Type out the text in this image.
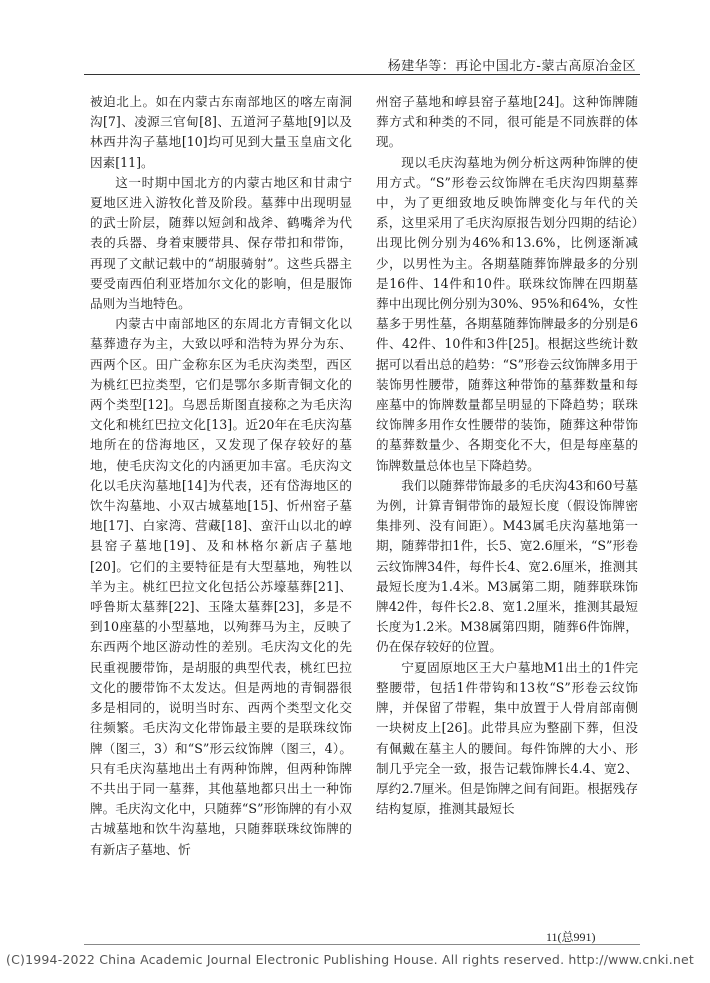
杨建华等：再论中国北方-蒙古高原冶金区

被迫北上。如在内蒙古东南部地区的喀左南洞沟[7]、凌源三官甸[8]、五道河子墓地[9]以及林西井沟子墓地[10]均可见到大量玉皇庙文化因素[11]。

这一时期中国北方的内蒙古地区和甘肃宁夏地区进入游牧化普及阶段。墓葬中出现明显的武士阶层，随葬以短剑和战斧、鹤嘴斧为代表的兵器、身着束腰带具、保存带扣和带饰，再现了文献记载中的“胡服骑射”。这些兵器主要受南西伯利亚塔加尔文化的影响，但是服饰品则为当地特色。

内蒙古中南部地区的东周北方青铜文化以墓葬遗存为主，大致以呼和浩特为界分为东、西两个区。田广金称东区为毛庆沟类型，西区为桃红巴拉类型，它们是鄂尔多斯青铜文化的两个类型[12]。乌恩岳斯图直接称之为毛庆沟文化和桃红巴拉文化[13]。近20年在毛庆沟墓地所在的岱海地区，又发现了保存较好的墓地，使毛庆沟文化的内涵更加丰富。毛庆沟文化以毛庆沟墓地[14]为代表，还有岱海地区的饮牛沟墓地、小双古城墓地[15]、忻州窑子墓地[17]、白家湾、营藏[18]、蛮汗山以北的崞县窑子墓地[19]、及和林格尔新店子墓地[20]。它们的主要特征是有大型墓地，殉牲以羊为主。桃红巴拉文化包括公苏壕墓葬[21]、呼鲁斯太墓葬[22]、玉隆太墓葬[23]，多是不到10座墓的小型墓地，以殉葬马为主，反映了东西两个地区游动性的差别。毛庆沟文化的先民重视腰带饰，是胡服的典型代表，桃红巴拉文化的腰带饰不太发达。但是两地的青铜器很多是相同的，说明当时东、西两个类型文化交往频繁。毛庆沟文化带饰最主要的是联珠纹饰牌（图三，3）和“S”形云纹饰牌（图三，4）。只有毛庆沟墓地出土有两种饰牌，但两种饰牌不共出于同一墓葬，其他墓地都只出土一种饰牌。毛庆沟文化中，只随葬“S”形饰牌的有小双古城墓地和饮牛沟墓地，只随葬联珠纹饰牌的有新店子墓地、忻

州窑子墓地和崞县窑子墓地[24]。这种饰牌随葬方式和种类的不同，很可能是不同族群的体现。

现以毛庆沟墓地为例分析这两种饰牌的使用方式。“S”形卷云纹饰牌在毛庆沟四期墓葬中，为了更细致地反映饰牌变化与年代的关系，这里采用了毛庆沟原报告划分四期的结论）出现比例分别为46%和13.6%，比例逐渐减少，以男性为主。各期墓随葬饰牌最多的分别是16件、14件和10件。联珠纹饰牌在四期墓葬中出现比例分别为30%、95%和64%，女性墓多于男性墓，各期墓随葬饰牌最多的分别是6件、42件、10件和3件[25]。根据这些统计数据可以看出总的趋势：“S”形卷云纹饰牌多用于装饰男性腰带，随葬这种带饰的墓葬数量和每座墓中的饰牌数量都呈明显的下降趋势；联珠纹饰牌多用作女性腰带的装饰，随葬这种带饰的墓葬数量少、各期变化不大，但是每座墓的饰牌数量总体也呈下降趋势。

我们以随葬带饰最多的毛庆沟43和60号墓为例，计算青铜带饰的最短长度（假设饰牌密集排列、没有间距）。M43属毛庆沟墓地第一期，随葬带扣1件，长5、宽2.6厘米，“S”形卷云纹饰牌34件，每件长4、宽2.6厘米，推测其最短长度为1.4米。M3属第二期，随葬联珠饰牌42件，每件长2.8、宽1.2厘米，推测其最短长度为1.2米。M38属第四期，随葬6件饰牌，仍在保存较好的位置。

宁夏固原地区王大户墓地M1出土的1件完整腰带，包括1件带钩和13枚“S”形卷云纹饰牌，并保留了带鞓，集中放置于人骨肩部南侧一块树皮上[26]。此带具应为整副下葬，但没有佩戴在墓主人的腰间。每件饰牌的大小、形制几乎完全一致，报告记载饰牌长4.4、宽2、厚约2.7厘米。但是饰牌之间有间距。根据残存结构复原，推测其最短长

11(总991)
(C)1994-2022 China Academic Journal Electronic Publishing House. All rights reserved. http://www.cnki.net
